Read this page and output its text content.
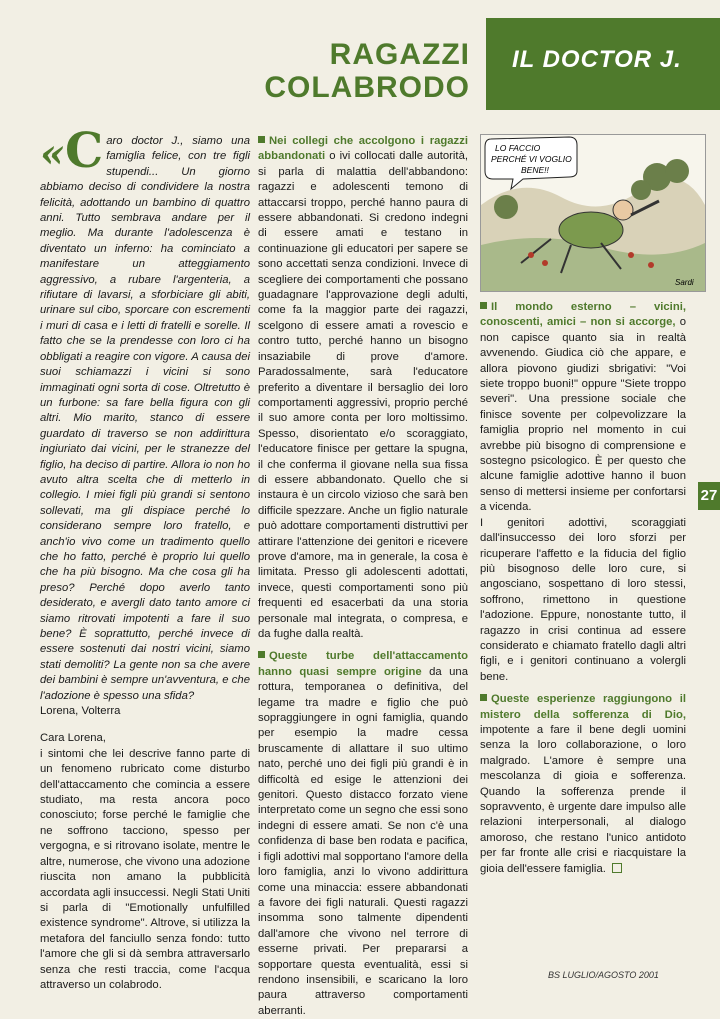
RAGAZZI
COLABRODO
IL DOCTOR J.
27
LO FACCIO
PERCHÉ VI VOGLIO
BENE!!
Sardi

«C aro doctor J., siamo una famiglia felice, con tre figli stupendi... Un giorno abbiamo deciso di condividere la nostra felicità, adottando un bambino di quattro anni. Tutto sembrava andare per il meglio. Ma durante l'adolescenza è diventato un inferno: ha cominciato a manifestare un atteggiamento aggressivo, a rubare l'argenteria, a rifiutare di lavarsi, a sforbiciare gli abiti, urinare sul cibo, sporcare con escrementi i muri di casa e i letti di fratelli e sorelle. Il fatto che se la prendesse con loro ci ha obbligati a reagire con vigore. A causa dei suoi schiamazzi i vicini si sono immaginati ogni sorta di cose. Oltretutto è un furbone: sa fare bella figura con gli altri. Mio marito, stanco di essere guardato di traverso se non addirittura ingiuriato dai vicini, per le stranezze del figlio, ha deciso di partire. Allora io non ho avuto altra scelta che di metterlo in collegio. I miei figli più grandi si sentono sollevati, ma gli dispiace perché lo considerano sempre loro fratello, e anch'io vivo come un tradimento quello che ho fatto, perché è proprio lui quello che ha più bisogno. Ma che cosa gli ha preso? Perché dopo averlo tanto desiderato, e avergli dato tanto amore ci siamo ritrovati impotenti a fare il suo bene? È soprattutto, perché invece di essere sostenuti dai nostri vicini, siamo stati demoliti? La gente non sa che avere dei bambini è sempre un'avventura, e che l'adozione è spesso una sfida?
Lorena, Volterra

Cara Lorena,

i sintomi che lei descrive fanno parte di un fenomeno rubricato come disturbo dell'attaccamento che comincia a essere studiato, ma resta ancora poco conosciuto; forse perché le famiglie che ne soffrono tacciono, spesso per vergogna, e si ritrovano isolate, mentre le altre, numerose, che vivono una adozione riuscita non amano la pubblicità accordata agli insuccessi. Negli Stati Uniti si parla di "Emotionally unfulfilled existence syndrome". Altrove, si utilizza la metafora del fanciullo senza fondo: tutto l'amore che gli si dà sembra attraversarlo senza che resti traccia, come l'acqua attraverso un colabrodo.

Nei collegi che accolgono i ragazzi abbandonati o ivi collocati dalle autorità, si parla di malattia dell'abbandono: ragazzi e adolescenti temono di attaccarsi troppo, perché hanno paura di essere abbandonati. Si credono indegni di essere amati e testano in continuazione gli educatori per sapere se sono accettati senza condizioni. Invece di scegliere dei comportamenti che possano guadagnare l'approvazione degli adulti, come fa la maggior parte dei ragazzi, scelgono di essere amati a rovescio e contro tutto, perché hanno un bisogno insaziabile di prove d'amore. Paradossalmente, sarà l'educatore preferito a diventare il bersaglio dei loro comportamenti aggressivi, proprio perché il suo amore conta per loro moltissimo. Spesso, disorientato e/o scoraggiato, l'educatore finisce per gettare la spugna, il che conferma il giovane nella sua fissa di essere abbandonato. Quello che si instaura è un circolo vizioso che sarà ben difficile spezzare. Anche un figlio naturale può adottare comportamenti distruttivi per attirare l'attenzione dei genitori e ricevere prove d'amore, ma in generale, la cosa è limitata. Presso gli adolescenti adottati, invece, questi comportamenti sono più frequenti ed esacerbati da una storia personale mal integrata, o compresa, e da fughe dalla realtà.

Queste turbe dell'attaccamento hanno quasi sempre origine da una rottura, temporanea o definitiva, del legame tra madre e figlio che può sopraggiungere in ogni famiglia, quando per esempio la madre cessa bruscamente di allattare il suo ultimo nato, perché uno dei figli più grandi è in difficoltà ed esige le attenzioni dei genitori. Questo distacco forzato viene interpretato come un segno che essi sono indegni di essere amati. Se non c'è una confidenza di base ben rodata e pacifica, i figli adottivi mal sopportano l'amore della loro famiglia, anzi lo vivono addirittura come una minaccia: essere abbandonati a favore dei figli naturali. Questi ragazzi insomma sono talmente dipendenti dall'amore che vivono nel terrore di esserne privati. Per prepararsi a sopportare questa eventualità, essi si rendono insensibili, e scaricano la loro paura attraverso comportamenti aberranti.

Il mondo esterno – vicini, conoscenti, amici – non si accorge, o non capisce quanto sia in realtà avvenendo. Giudica ciò che appare, e allora piovono giudizi sbrigativi: "Voi siete troppo buoni!" oppure "Siete troppo severi". Una pressione sociale che finisce sovente per colpevolizzare la famiglia proprio nel momento in cui avrebbe più bisogno di comprensione e sostegno psicologico. È per questo che alcune famiglie adottive hanno il buon senso di mettersi insieme per confortarsi a vicenda.

I genitori adottivi, scoraggiati dall'insuccesso dei loro sforzi per ricuperare l'affetto e la fiducia del figlio più bisognoso delle loro cure, si angosciano, sospettano di loro stessi, soffrono, rimettono in questione l'adozione. Eppure, nonostante tutto, il ragazzo in crisi continua ad essere considerato e chiamato fratello dagli altri figli, e i genitori continuano a volergli bene.

Queste esperienze raggiungono il mistero della sofferenza di Dio, impotente a fare il bene degli uomini senza la loro collaborazione, o loro malgrado. L'amore è sempre una mescolanza di gioia e sofferenza. Quando la sofferenza prende il sopravvento, è urgente dare impulso alle relazioni interpersonali, al dialogo amoroso, che restano l'unico antidoto per far fronte alle crisi e riacquistare la gioia dell'essere famiglia.

BS LUGLIO/AGOSTO 2001
